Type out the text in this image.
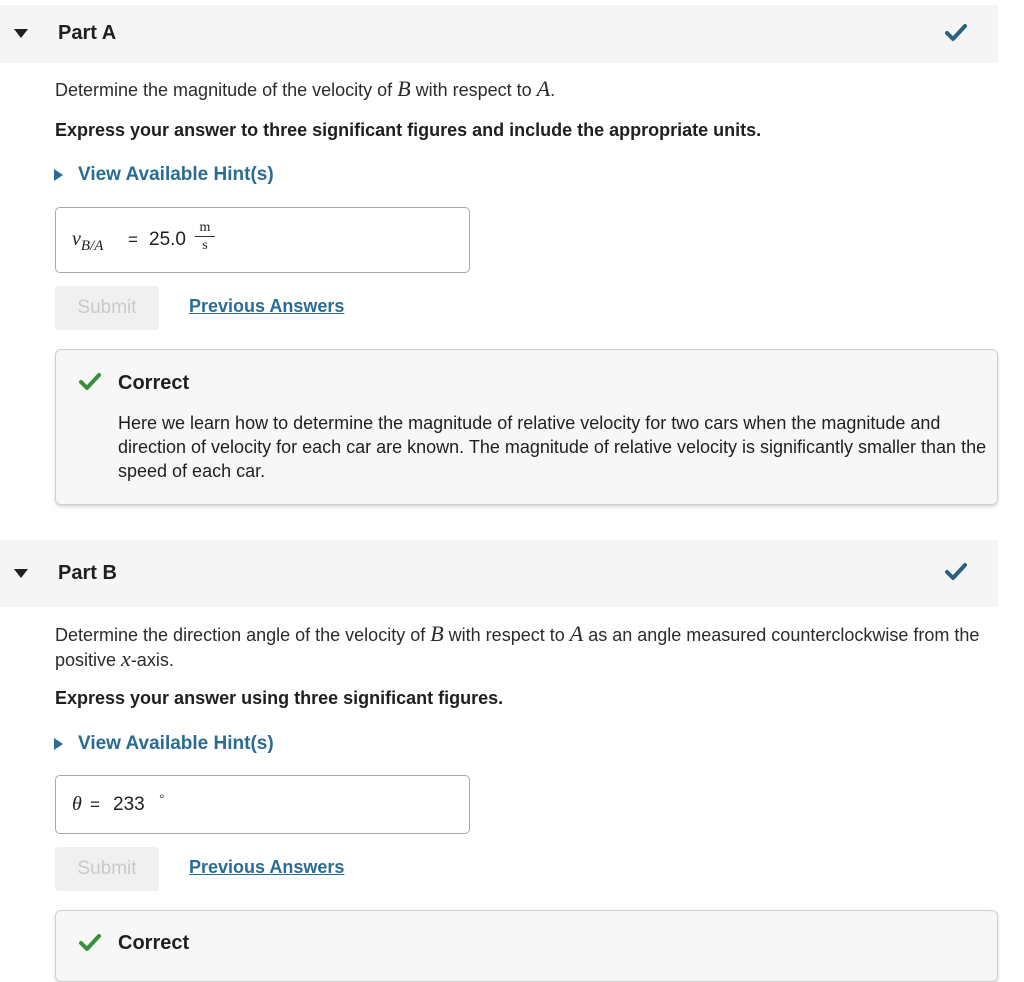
Part A
Determine the magnitude of the velocity of B with respect to A.
Express your answer to three significant figures and include the appropriate units.
View Available Hint(s)
$v_{B/A} = 25.0 \frac{m}{s}$
Submit	Previous Answers
Correct
Here we learn how to determine the magnitude of relative velocity for two cars when the magnitude and direction of velocity for each car are known. The magnitude of relative velocity is significantly smaller than the speed of each car.
Part B
Determine the direction angle of the velocity of B with respect to A as an angle measured counterclockwise from the positive x-axis.
Express your answer using three significant figures.
View Available Hint(s)
θ = 233 °
Submit	Previous Answers
Correct
